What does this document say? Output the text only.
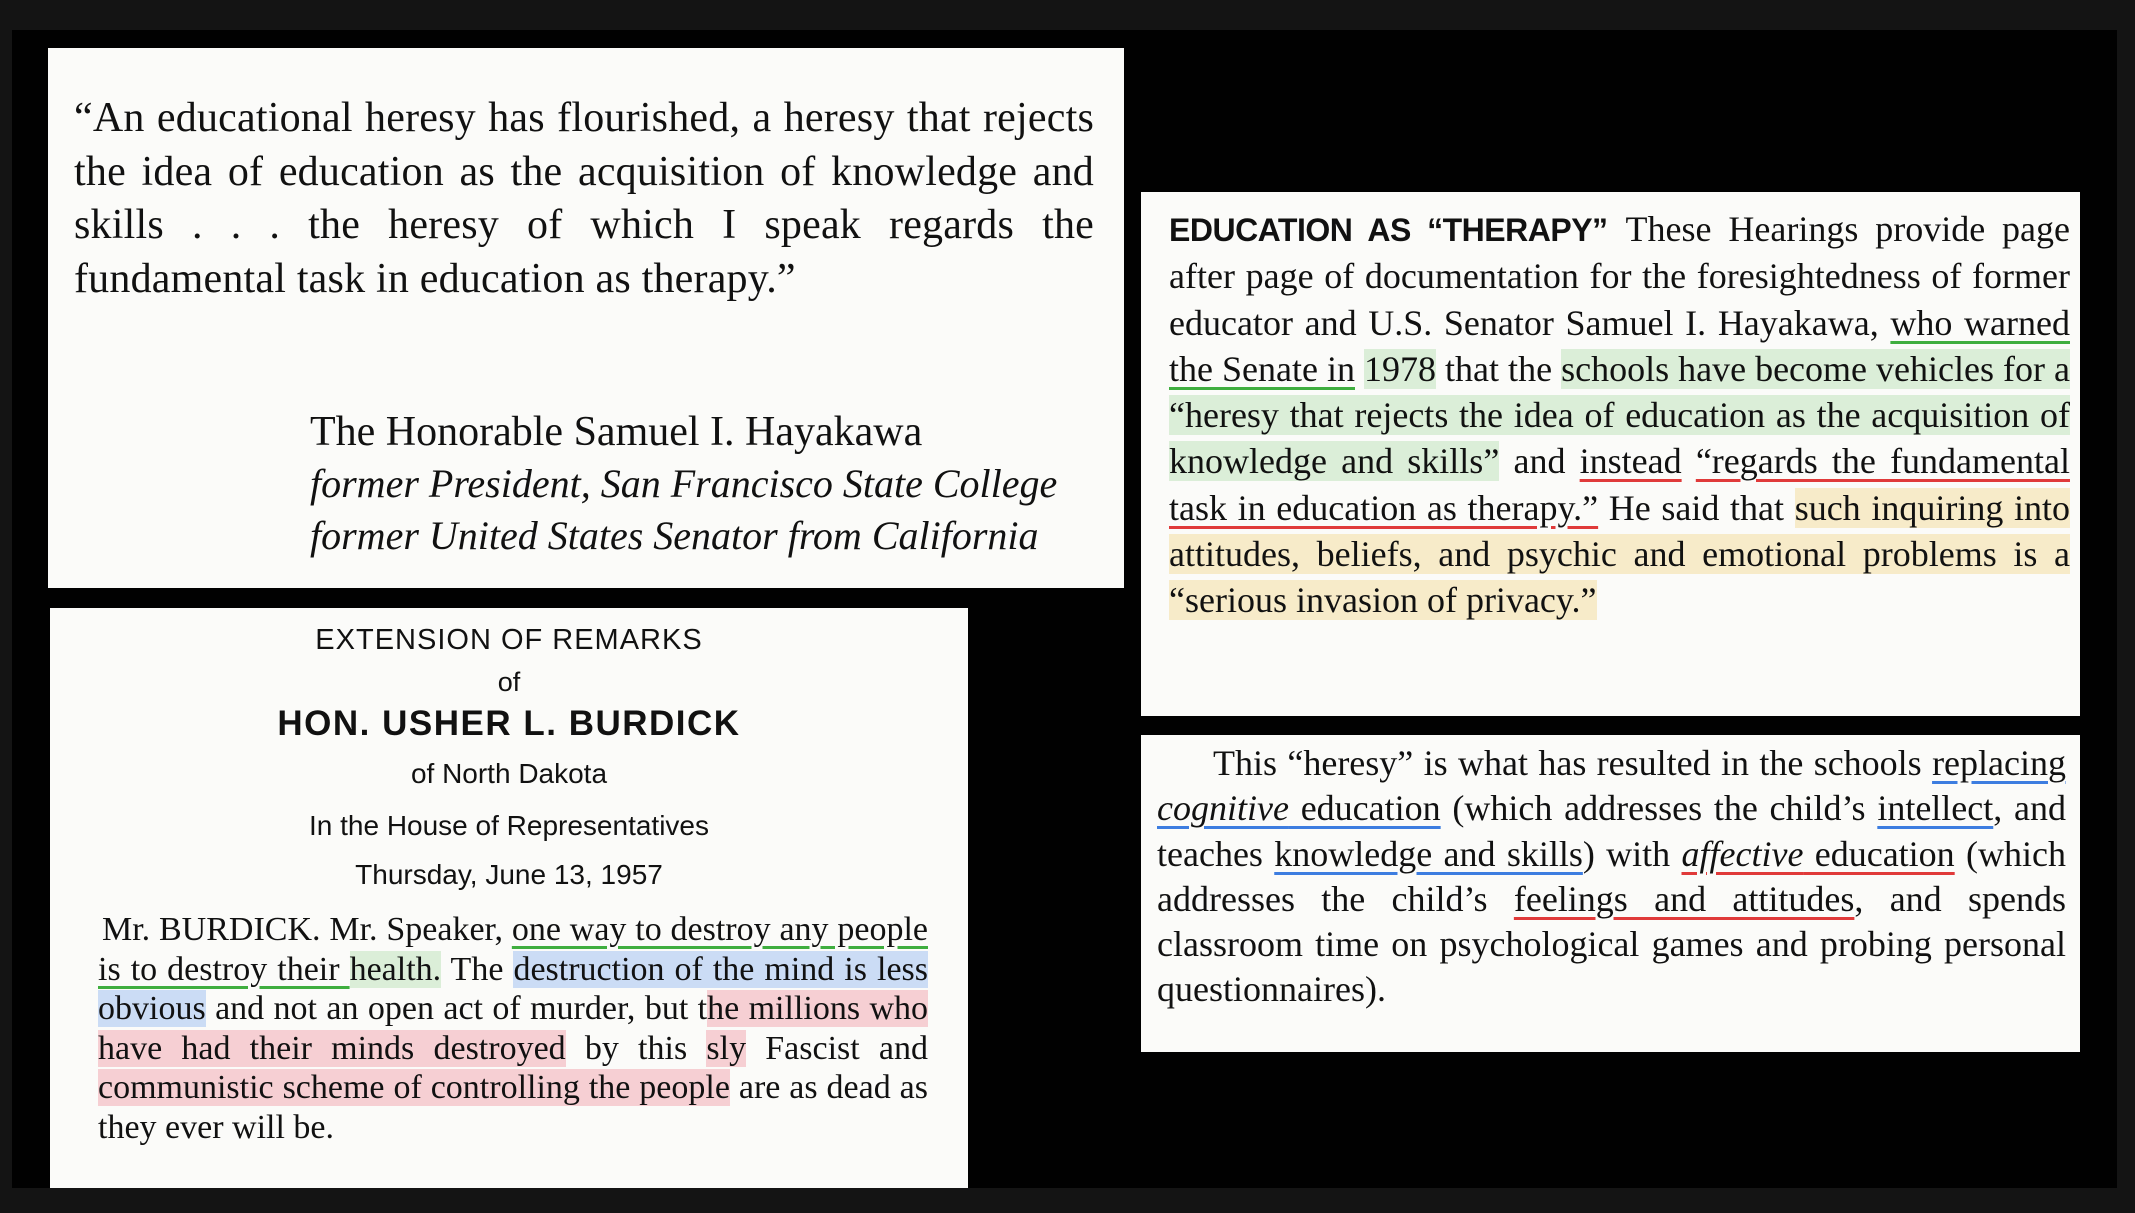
“An educational heresy has flourished, a heresy that rejects the idea of education as the acquisition of knowledge and skills . . . the heresy of which I speak regards the fundamental task in education as therapy.”

The Honorable Samuel I. Hayakawa
former President, San Francisco State College
former United States Senator from California
EXTENSION OF REMARKS
of
HON. USHER L. BURDICK
of North Dakota
In the House of Representatives
Thursday, June 13, 1957

Mr. BURDICK. Mr. Speaker, one way to destroy any people is to destroy their health. The destruction of the mind is less obvious and not an open act of murder, but the millions who have had their minds destroyed by this sly Fascist and communistic scheme of controlling the people are as dead as they ever will be.

EDUCATION AS “THERAPY” These Hearings provide page after page of documentation for the foresightedness of former educator and U.S. Senator Samuel I. Hayakawa, who warned the Senate in 1978 that the schools have become vehicles for a “heresy that rejects the idea of education as the acquisition of knowledge and skills” and instead “regards the fundamental task in education as therapy.” He said that such inquiring into attitudes, beliefs, and psychic and emotional problems is a “serious invasion of privacy.”

This “heresy” is what has resulted in the schools replacing cognitive education (which addresses the child’s intellect, and teaches knowledge and skills) with affective education (which addresses the child’s feelings and attitudes, and spends classroom time on psychological games and probing personal questionnaires).
